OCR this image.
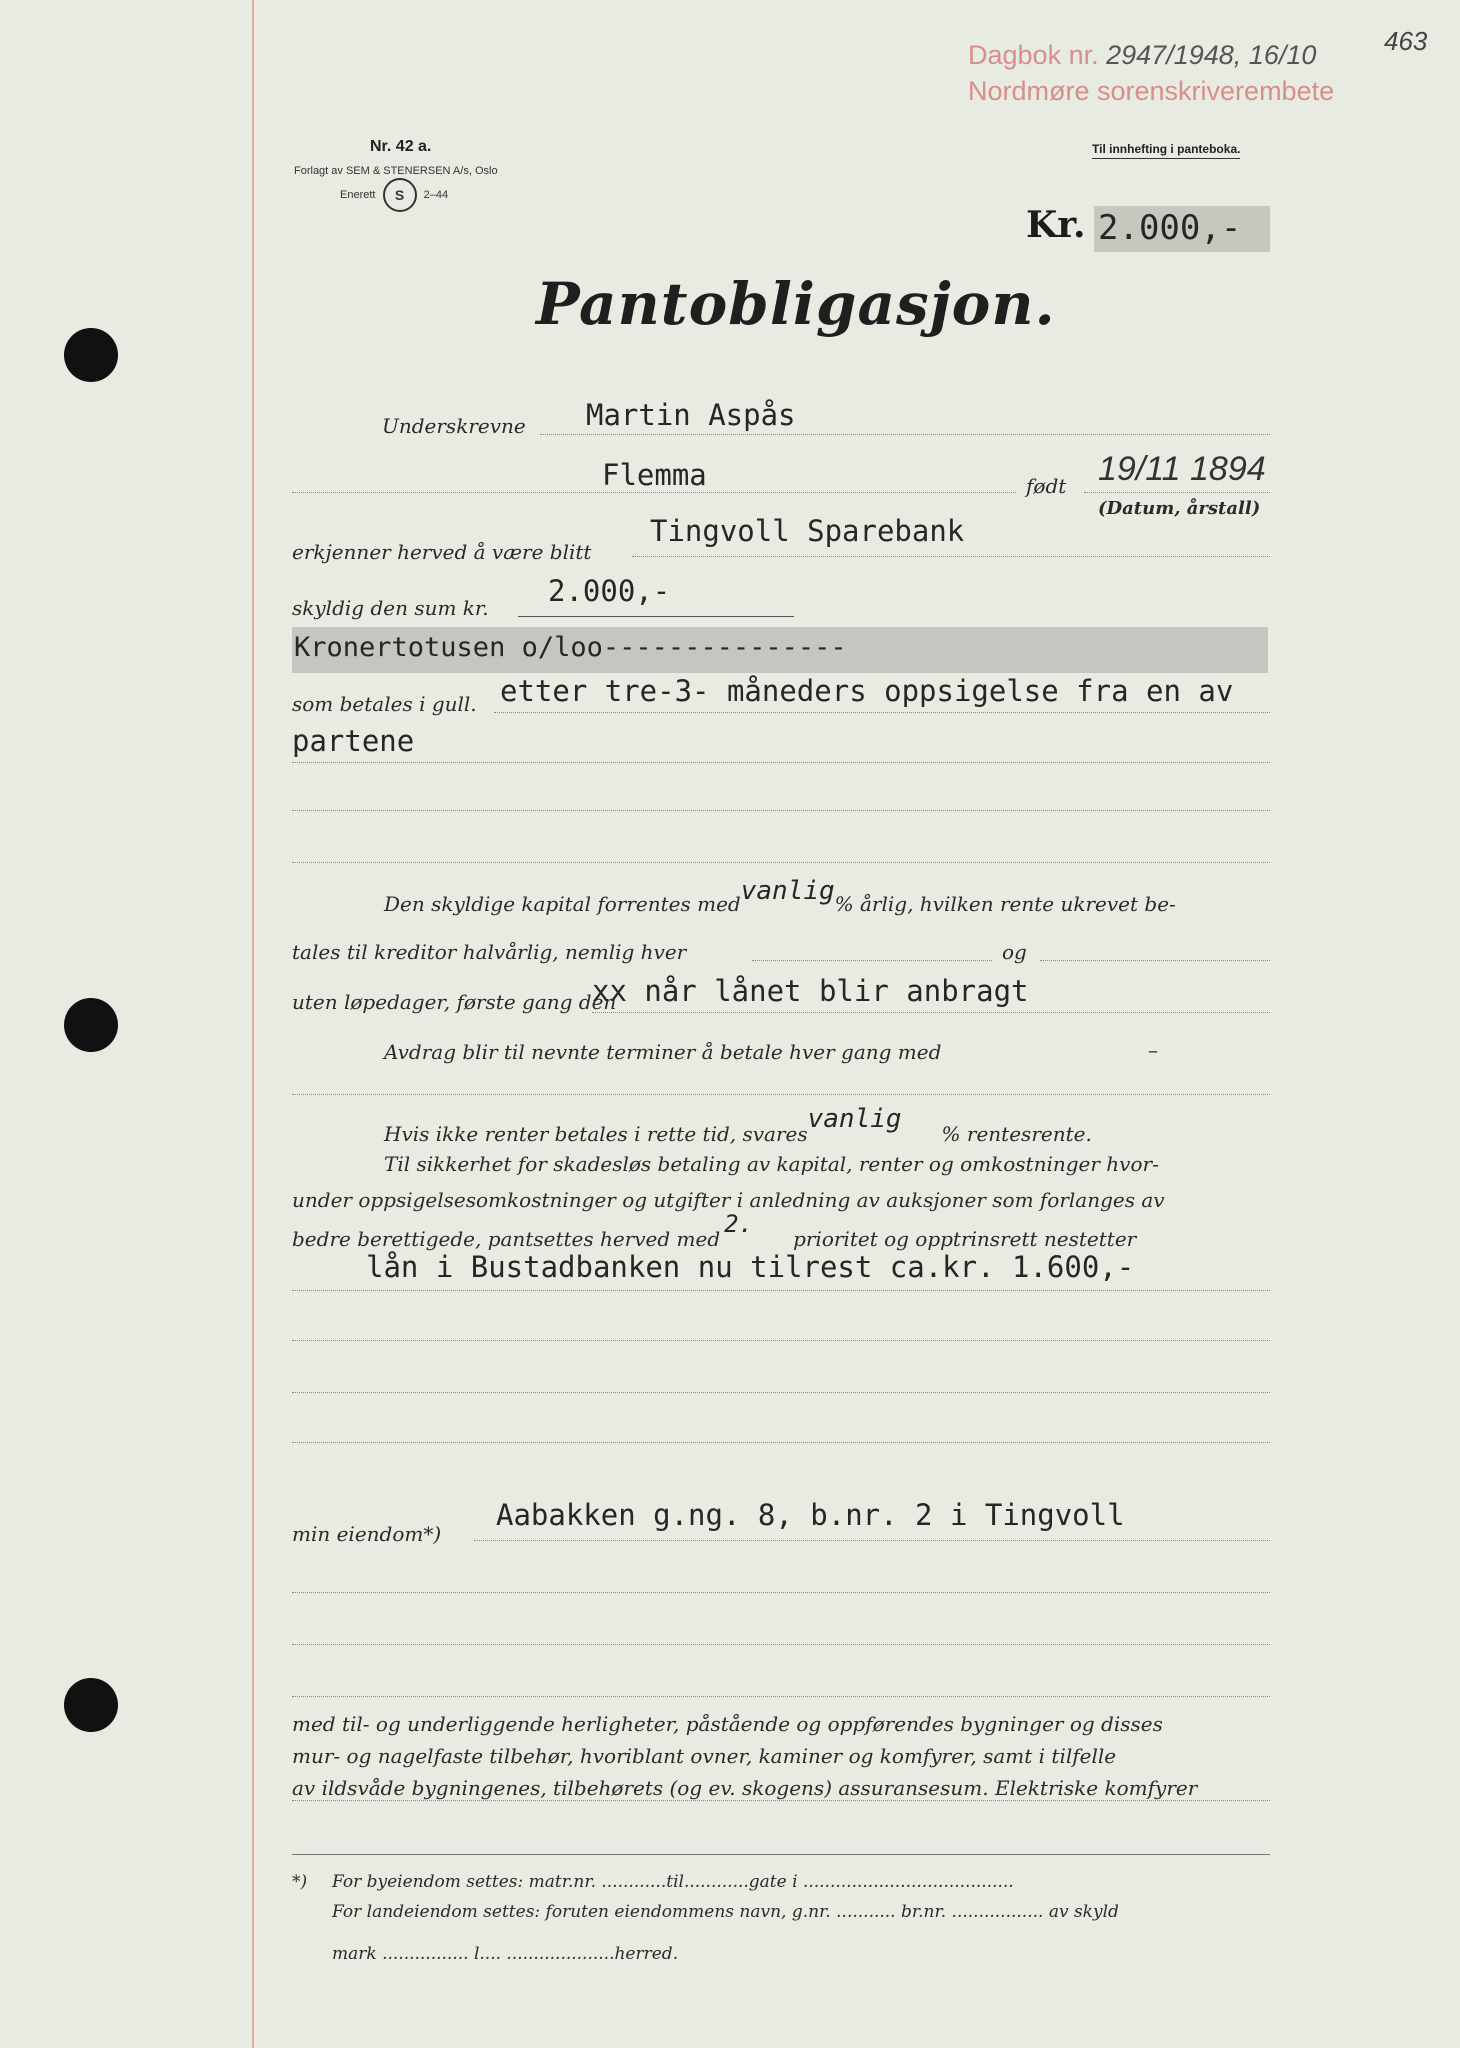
Dagbok nr. 2947/1948, 16/10
Nordmøre sorenskriverembete
463
Nr. 42 a.
Forlagt av SEM & STENERSEN A/s, Oslo
Enerett S 2–44
Til innhefting i panteboka.
Kr. 2.000,-
Pantobligasjon.
Underskrevne Martin Aspås
Flemma	født 19/11 1894
(Datum, årstall)
erkjenner herved å være blitt
Tingvoll Sparebank
skyldig den sum kr. 2.000,-
Kronertotusen o/loo---------------
som betales i gull. etter tre-3- måneders oppsigelse fra en av
partene
Den skyldige kapital forrentes medvanlig% årlig, hvilken rente ukrevet be-
tales til kreditor halvårlig, nemlig hver	og
uten løpedager, første gang den
xx når lånet blir anbragt
Avdrag blir til nevnte terminer å betale hver gang med	–
Hvis ikke renter betales i rette tid, svaresvanlig % rentesrente.
Til sikkerhet for skadesløs betaling av kapital, renter og omkostninger hvor-
under oppsigelsesomkostninger og utgifter i anledning av auksjoner som forlanges av
bedre berettigede, pantsettes herved med2.prioritet og opptrinsrett nestetter
lån i Bustadbanken nu tilrest ca.kr. 1.600,-
min eiendom*)
Aabakken g.ng. 8, b.nr. 2 i Tingvoll
med til- og underliggende herligheter, påstående og oppførendes bygninger og disses
mur- og nagelfaste tilbehør, hvoriblant ovner, kaminer og komfyrer, samt i tilfelle
av ildsvåde bygningenes, tilbehørets (og ev. skogens) assuransesum. Elektriske komfyrer
*) For byeiendom settes: matr.nr. ............til............gate i .......................................
For landeiendom settes: foruten eiendommens navn, g.nr. ........... br.nr. ................. av skyld
mark ................ l.... ....................herred.
